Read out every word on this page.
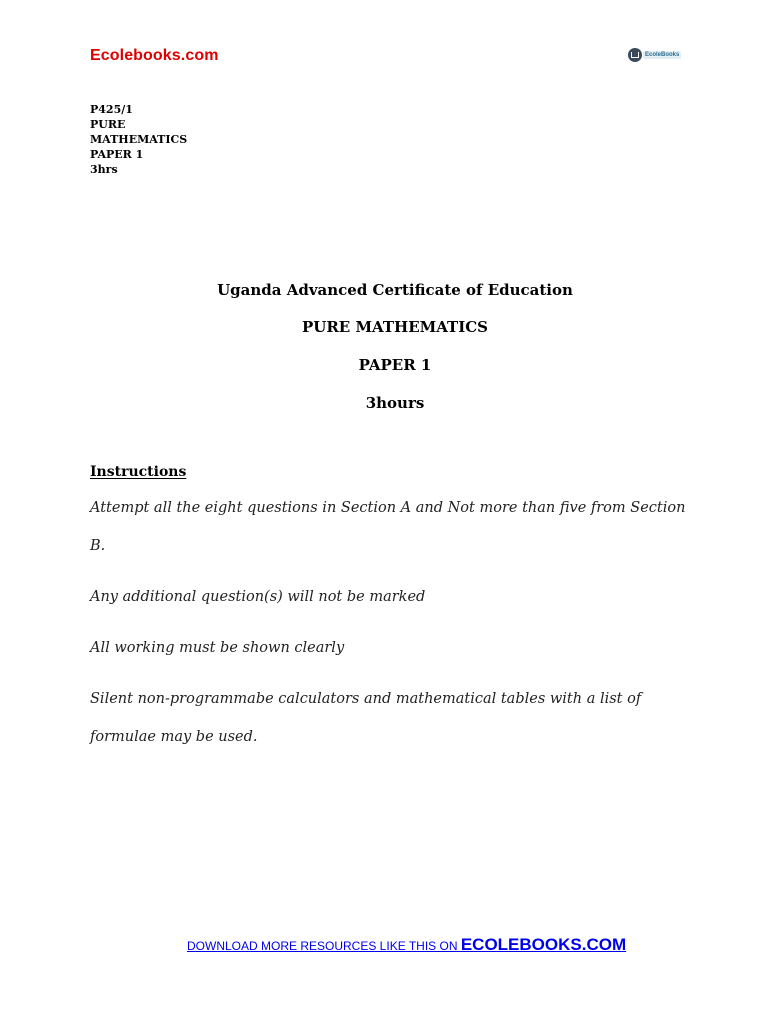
Ecolebooks.com	EcoleBooks
P425/1
PURE
MATHEMATICS
PAPER 1
3hrs
Uganda Advanced Certificate of Education
PURE MATHEMATICS
PAPER 1
3hours
Instructions
Attempt all the eight questions in Section A and Not more than five from Section B.
Any additional question(s) will not be marked
All working must be shown clearly
Silent non-programmabe calculators and mathematical tables with a list of formulae may be used.
DOWNLOAD MORE RESOURCES LIKE THIS ON ECOLEBOOKS.COM
